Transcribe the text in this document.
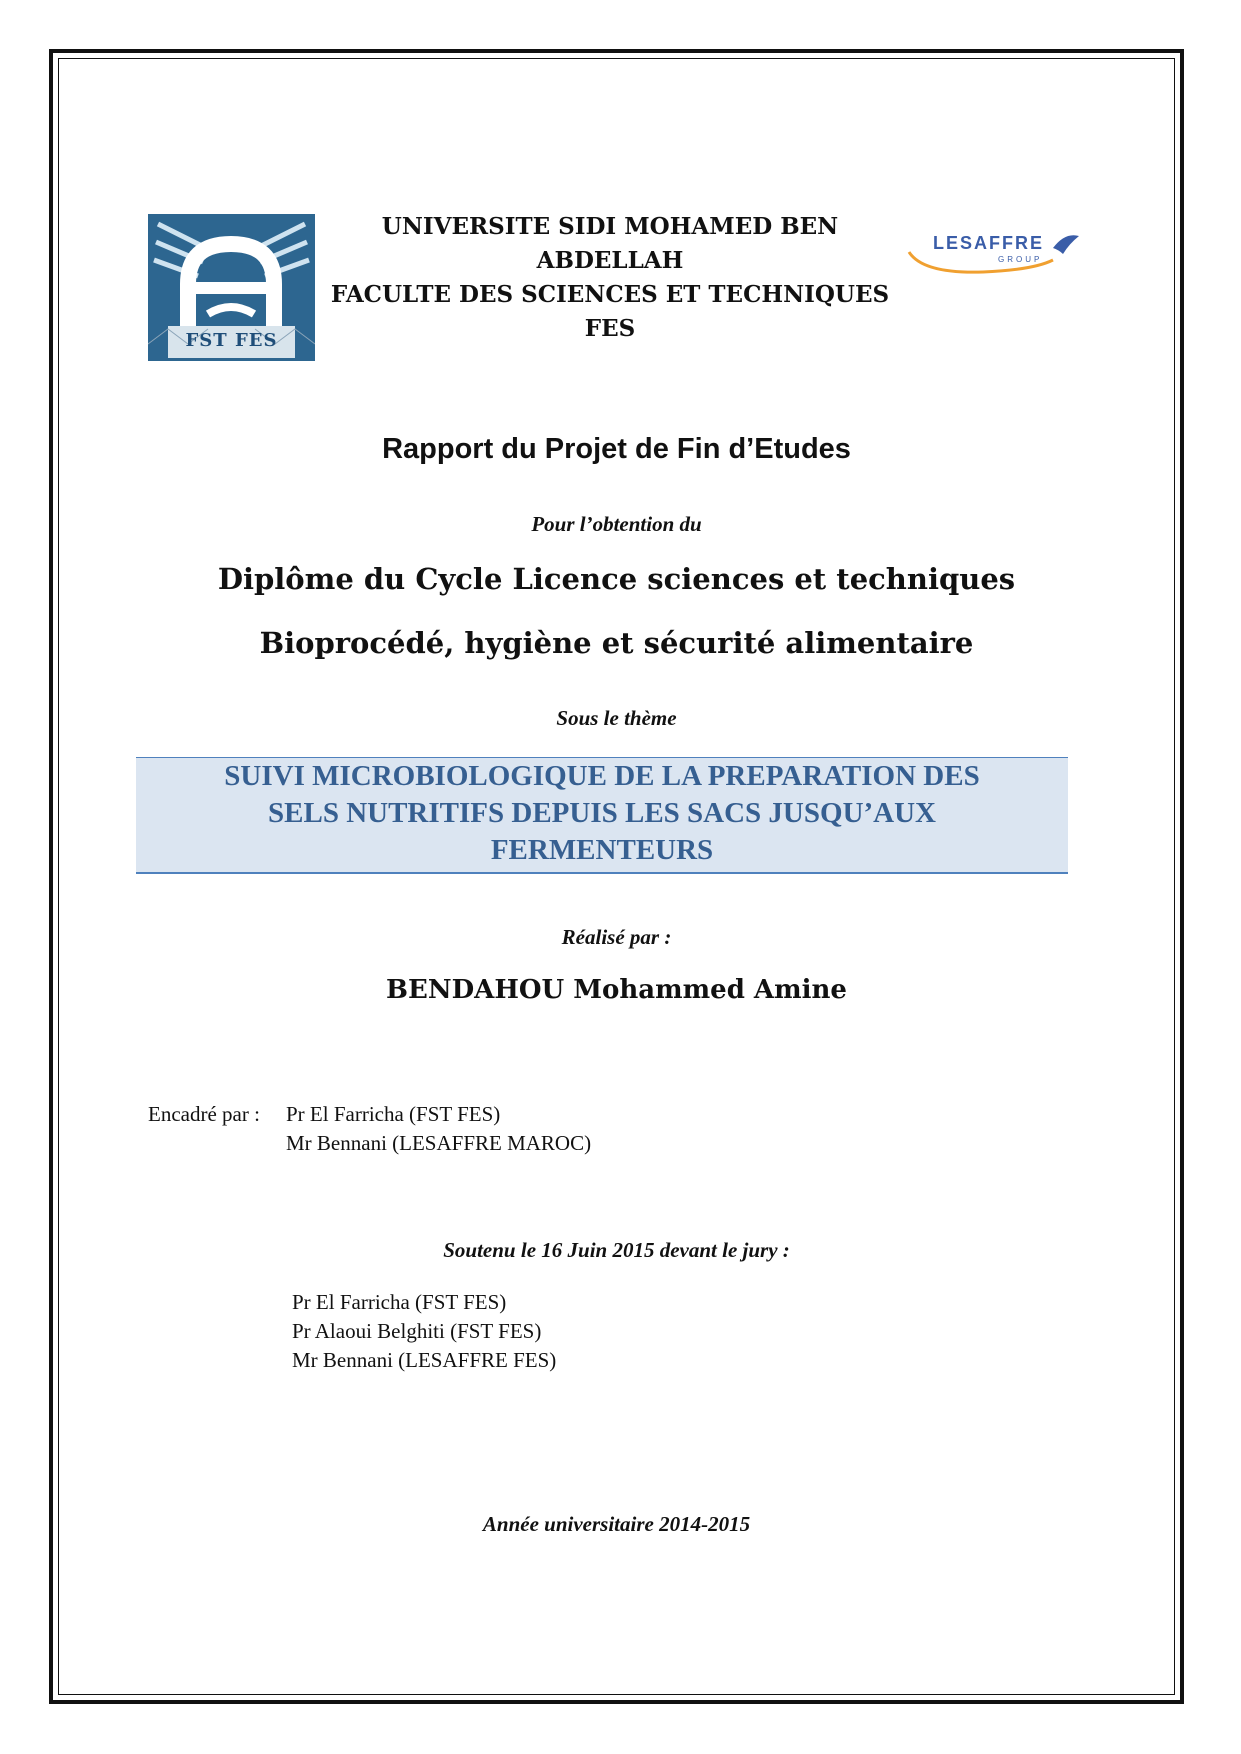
FST FES
UNIVERSITE SIDI MOHAMED BEN
ABDELLAH
FACULTE DES SCIENCES ET TECHNIQUES
FES
LESAFFRE
GROUP
Rapport du Projet de Fin d’Etudes
Pour l’obtention du
Diplôme du Cycle Licence sciences et techniques
Bioprocédé, hygiène et sécurité alimentaire
Sous le thème
SUIVI MICROBIOLOGIQUE DE LA PREPARATION DES
SELS NUTRITIFS DEPUIS LES SACS JUSQU’AUX
FERMENTEURS
Réalisé par :
BENDAHOU Mohammed Amine
Encadré par : Pr El Farricha (FST FES)
Mr Bennani (LESAFFRE MAROC)
Soutenu le 16 Juin 2015 devant le jury :
Pr El Farricha (FST FES)
Pr Alaoui Belghiti (FST FES)
Mr Bennani (LESAFFRE FES)
Année universitaire 2014-2015
